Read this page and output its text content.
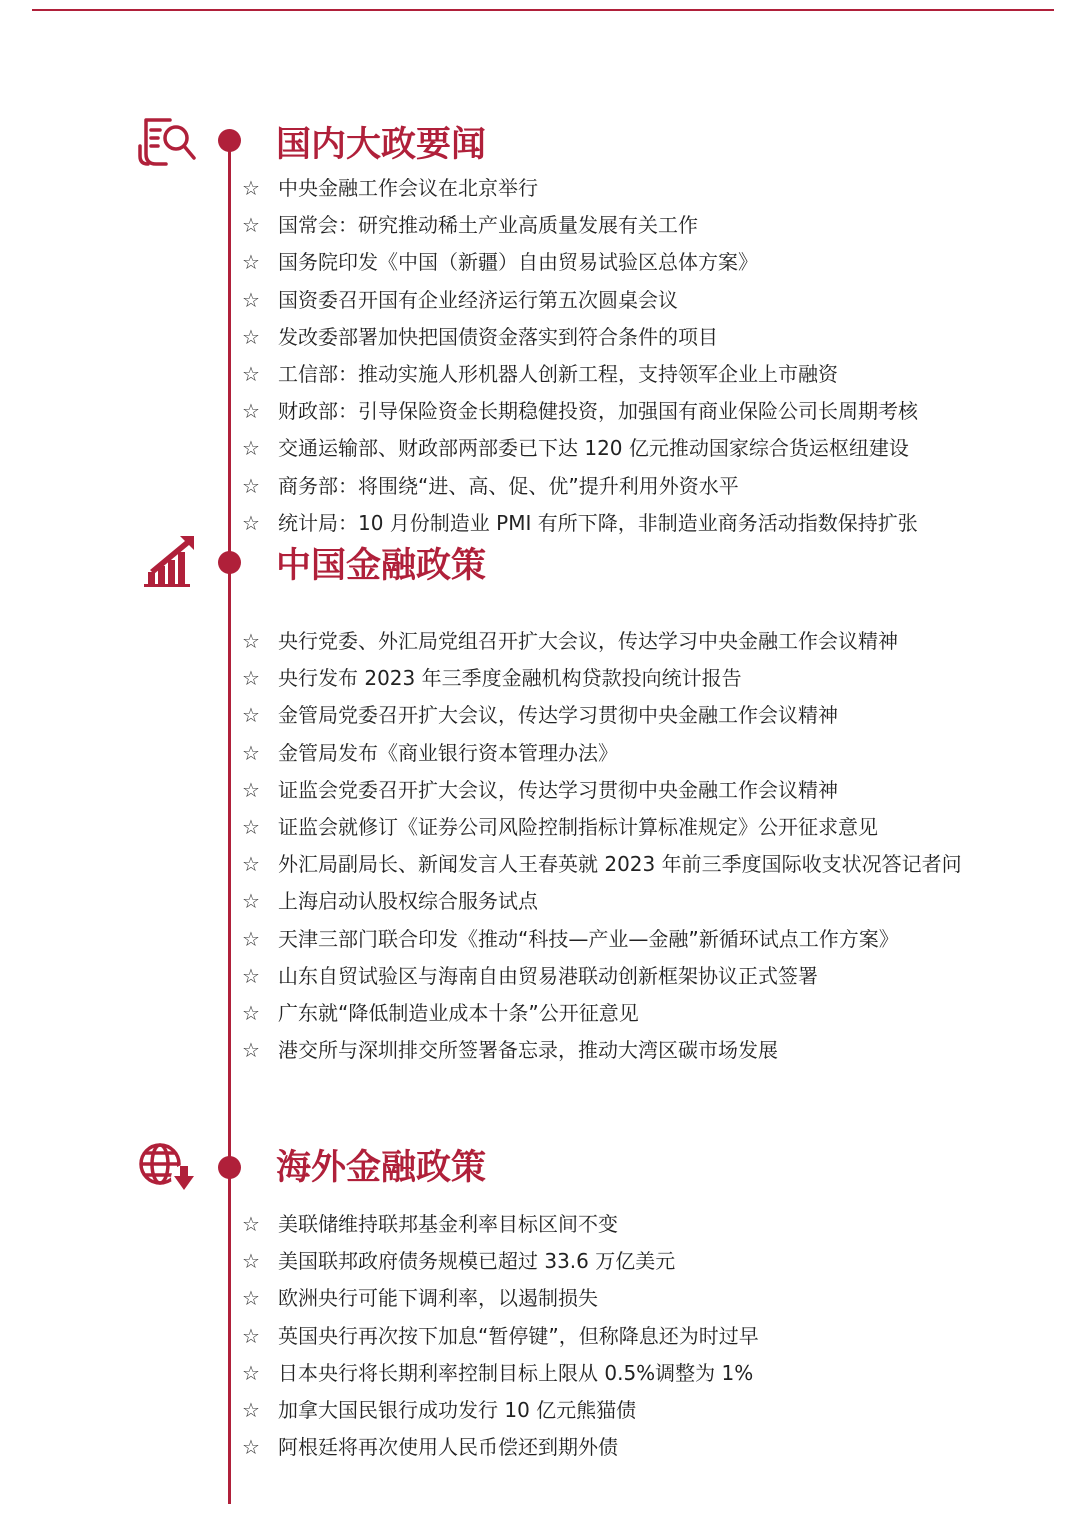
国内大政要闻
☆ 中央金融工作会议在北京举行
☆ 国常会：研究推动稀土产业高质量发展有关工作
☆ 国务院印发《中国（新疆）自由贸易试验区总体方案》
☆ 国资委召开国有企业经济运行第五次圆桌会议
☆ 发改委部署加快把国债资金落实到符合条件的项目
☆ 工信部：推动实施人形机器人创新工程，支持领军企业上市融资
☆ 财政部：引导保险资金长期稳健投资，加强国有商业保险公司长周期考核
☆ 交通运输部、财政部两部委已下达 120 亿元推动国家综合货运枢纽建设
☆ 商务部：将围绕“进、高、促、优”提升利用外资水平
☆ 统计局：10 月份制造业 PMI 有所下降，非制造业商务活动指数保持扩张
中国金融政策
☆ 央行党委、外汇局党组召开扩大会议，传达学习中央金融工作会议精神
☆ 央行发布 2023 年三季度金融机构贷款投向统计报告
☆ 金管局党委召开扩大会议，传达学习贯彻中央金融工作会议精神
☆ 金管局发布《商业银行资本管理办法》
☆ 证监会党委召开扩大会议，传达学习贯彻中央金融工作会议精神
☆ 证监会就修订《证券公司风险控制指标计算标准规定》公开征求意见
☆ 外汇局副局长、新闻发言人王春英就 2023 年前三季度国际收支状况答记者问
☆ 上海启动认股权综合服务试点
☆ 天津三部门联合印发《推动“科技—产业—金融”新循环试点工作方案》
☆ 山东自贸试验区与海南自由贸易港联动创新框架协议正式签署
☆ 广东就“降低制造业成本十条”公开征意见
☆ 港交所与深圳排交所签署备忘录，推动大湾区碳市场发展
海外金融政策
☆ 美联储维持联邦基金利率目标区间不变
☆ 美国联邦政府债务规模已超过 33.6 万亿美元
☆ 欧洲央行可能下调利率，以遏制损失
☆ 英国央行再次按下加息“暂停键”，但称降息还为时过早
☆ 日本央行将长期利率控制目标上限从 0.5%调整为 1%
☆ 加拿大国民银行成功发行 10 亿元熊猫债
☆ 阿根廷将再次使用人民币偿还到期外债
